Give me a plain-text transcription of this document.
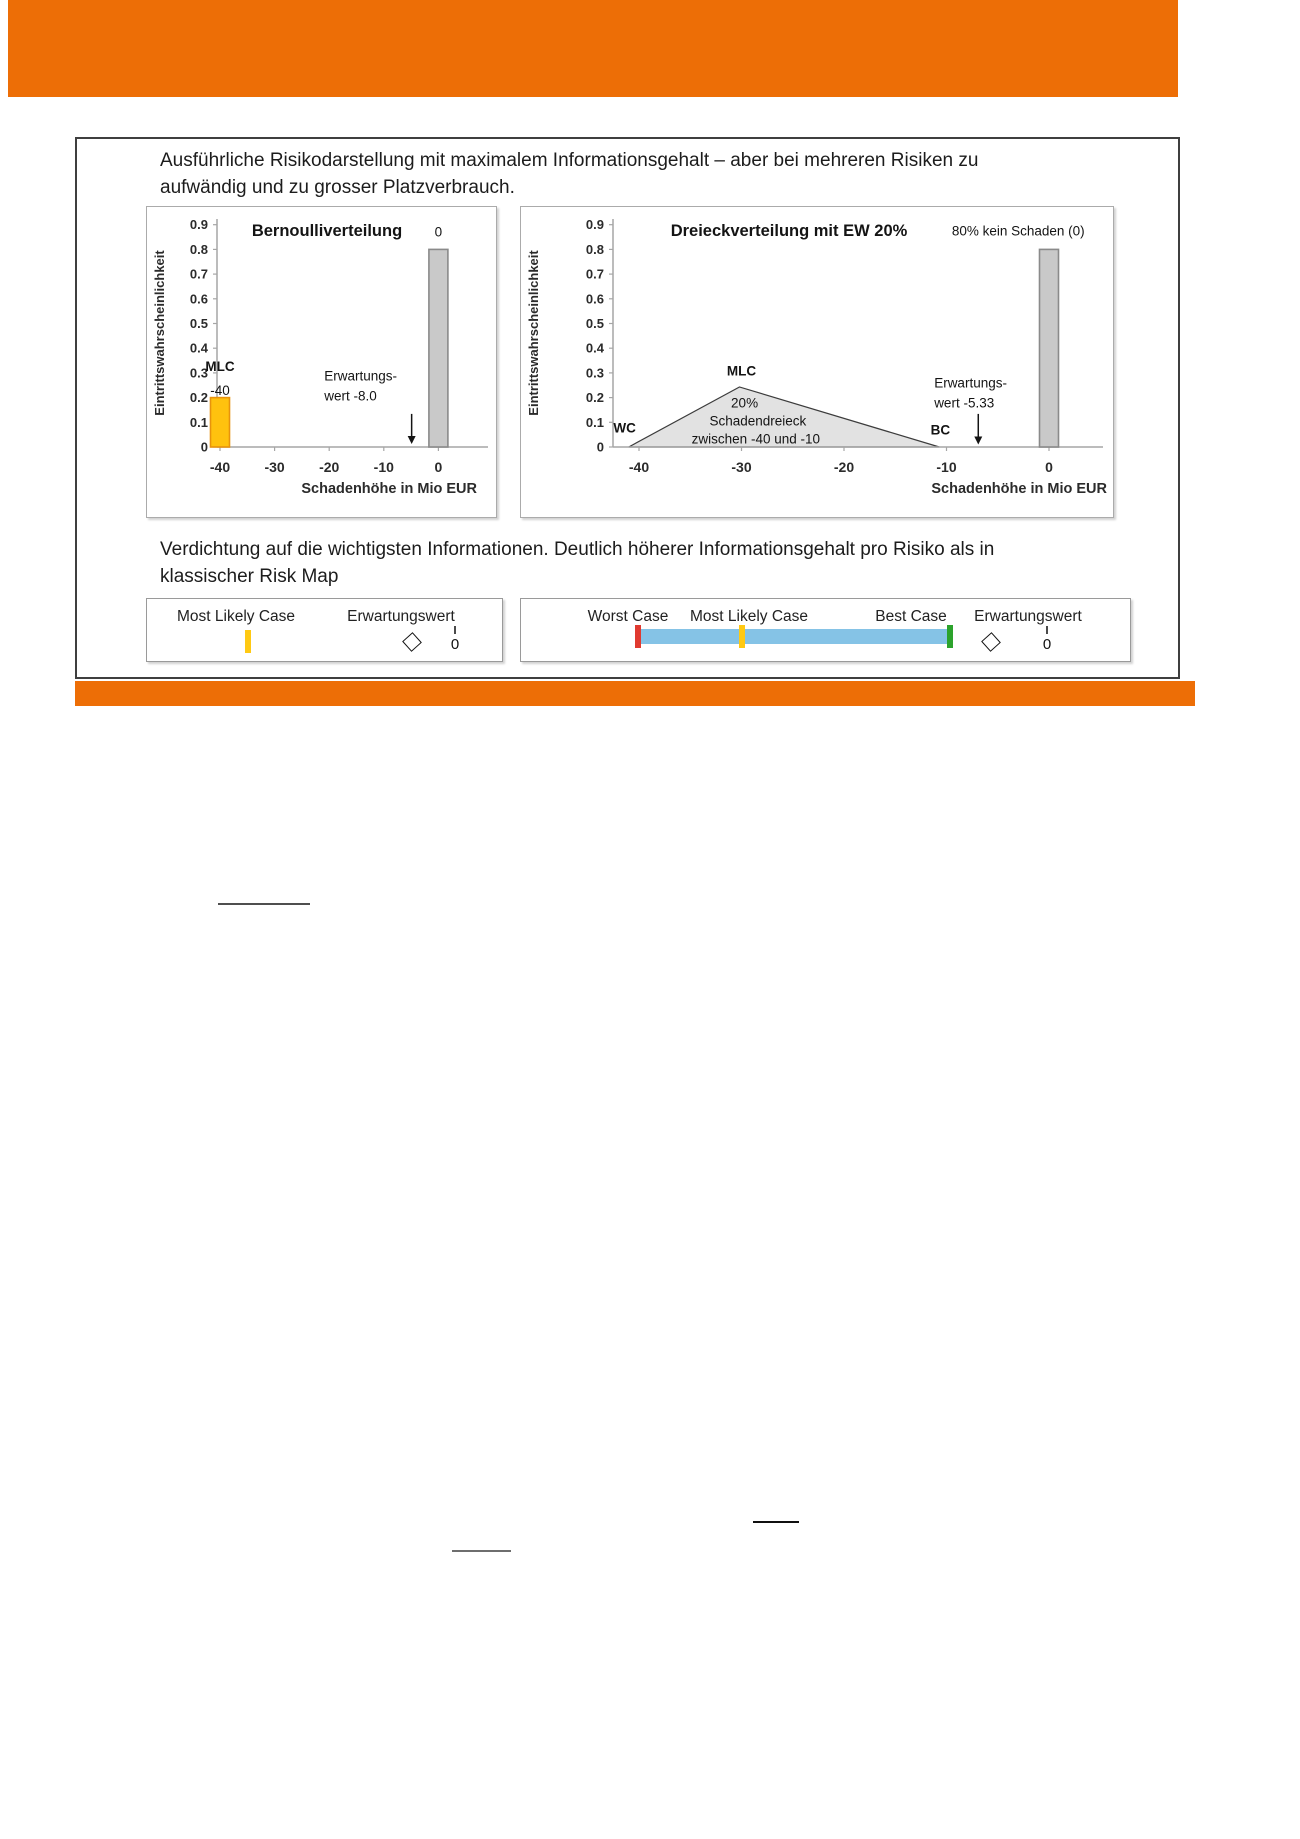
Ausführliche Risikodarstellung mit maximalem Informationsgehalt – aber bei mehreren Risiken zu
aufwändig und zu grosser Platzverbrauch.
0.9
0.8
0.7
0.6
0.5
0.4
0.3
0.2
0.1
0
-40 -30 -20 -10	0
Eintrittswahrscheinlichkeit
Schadenhöhe in Mio EUR
Bernoulliverteilung
MLC
-40
Erwartungs-
wert -8.0
0	0.9
0.8
0.7
0.6
0.5
0.4
0.3
0.2
0.1
0
-40	-30	-20	-10	0
Eintrittswahrscheinlichkeit
Schadenhöhe in Mio EUR
Dreieckverteilung mit EW 20%	80% kein Schaden (0)
MLC
20%
Schadendreieck
zwischen -40 und -10
WC	BC
Erwartungs-
wert -5.33
Verdichtung auf die wichtigsten Informationen. Deutlich höherer Informationsgehalt pro Risiko als in
klassischer Risk Map
Most Likely Case	Erwartungswert
0
Worst Case Most Likely Case	Best Case Erwartungswert
0
